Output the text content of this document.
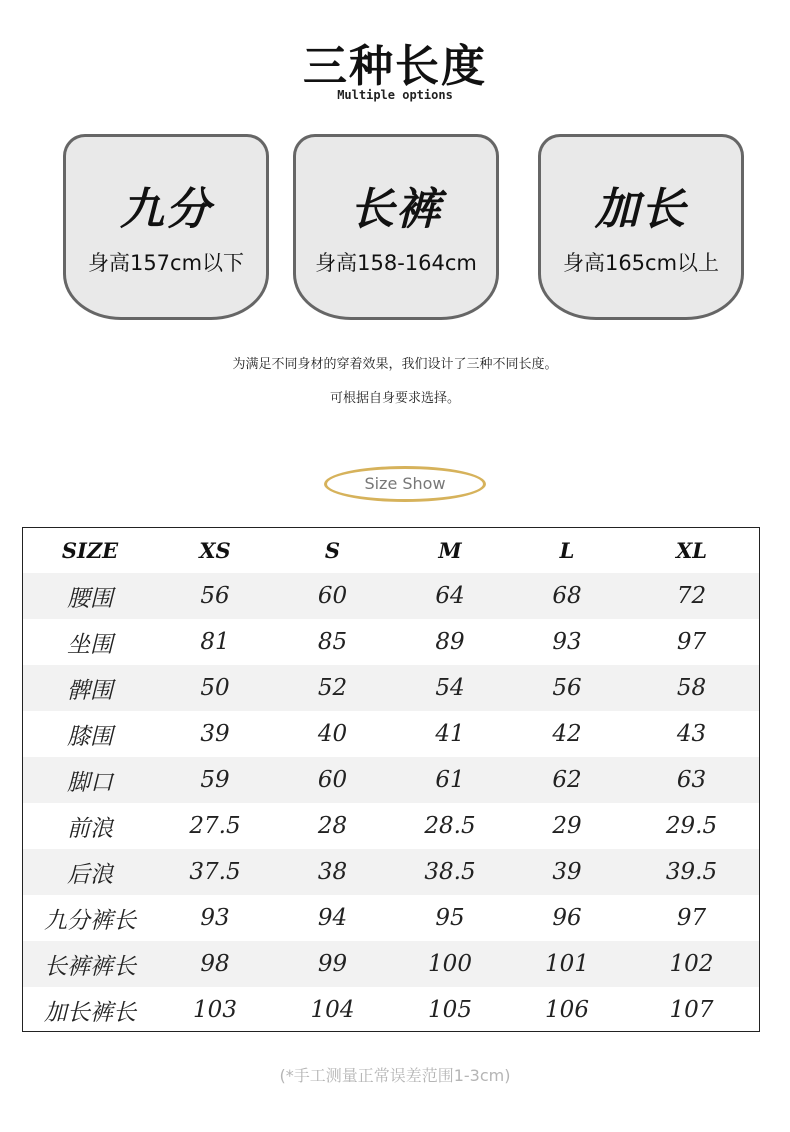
三种长度
Multiple options
九分
身高157cm以下
长裤
身高158-164cm
加长
身高165cm以上
为满足不同身材的穿着效果，我们设计了三种不同长度。
可根据自身要求选择。
Size Show
SIZE	XS	S	M	L	XL
腰围	56	60	64	68	72
坐围	81	85	89	93	97
髀围	50	52	54	56	58
膝围	39	40	41	42	43
脚口	59	60	61	62	63
前浪	27.5	28	28.5	29	29.5
后浪	37.5	38	38.5	39	39.5
九分裤长	93	94	95	96	97
长裤裤长	98	99	100	101	102
加长裤长	103	104	105	106	107
(*手工测量正常误差范围1-3cm)
